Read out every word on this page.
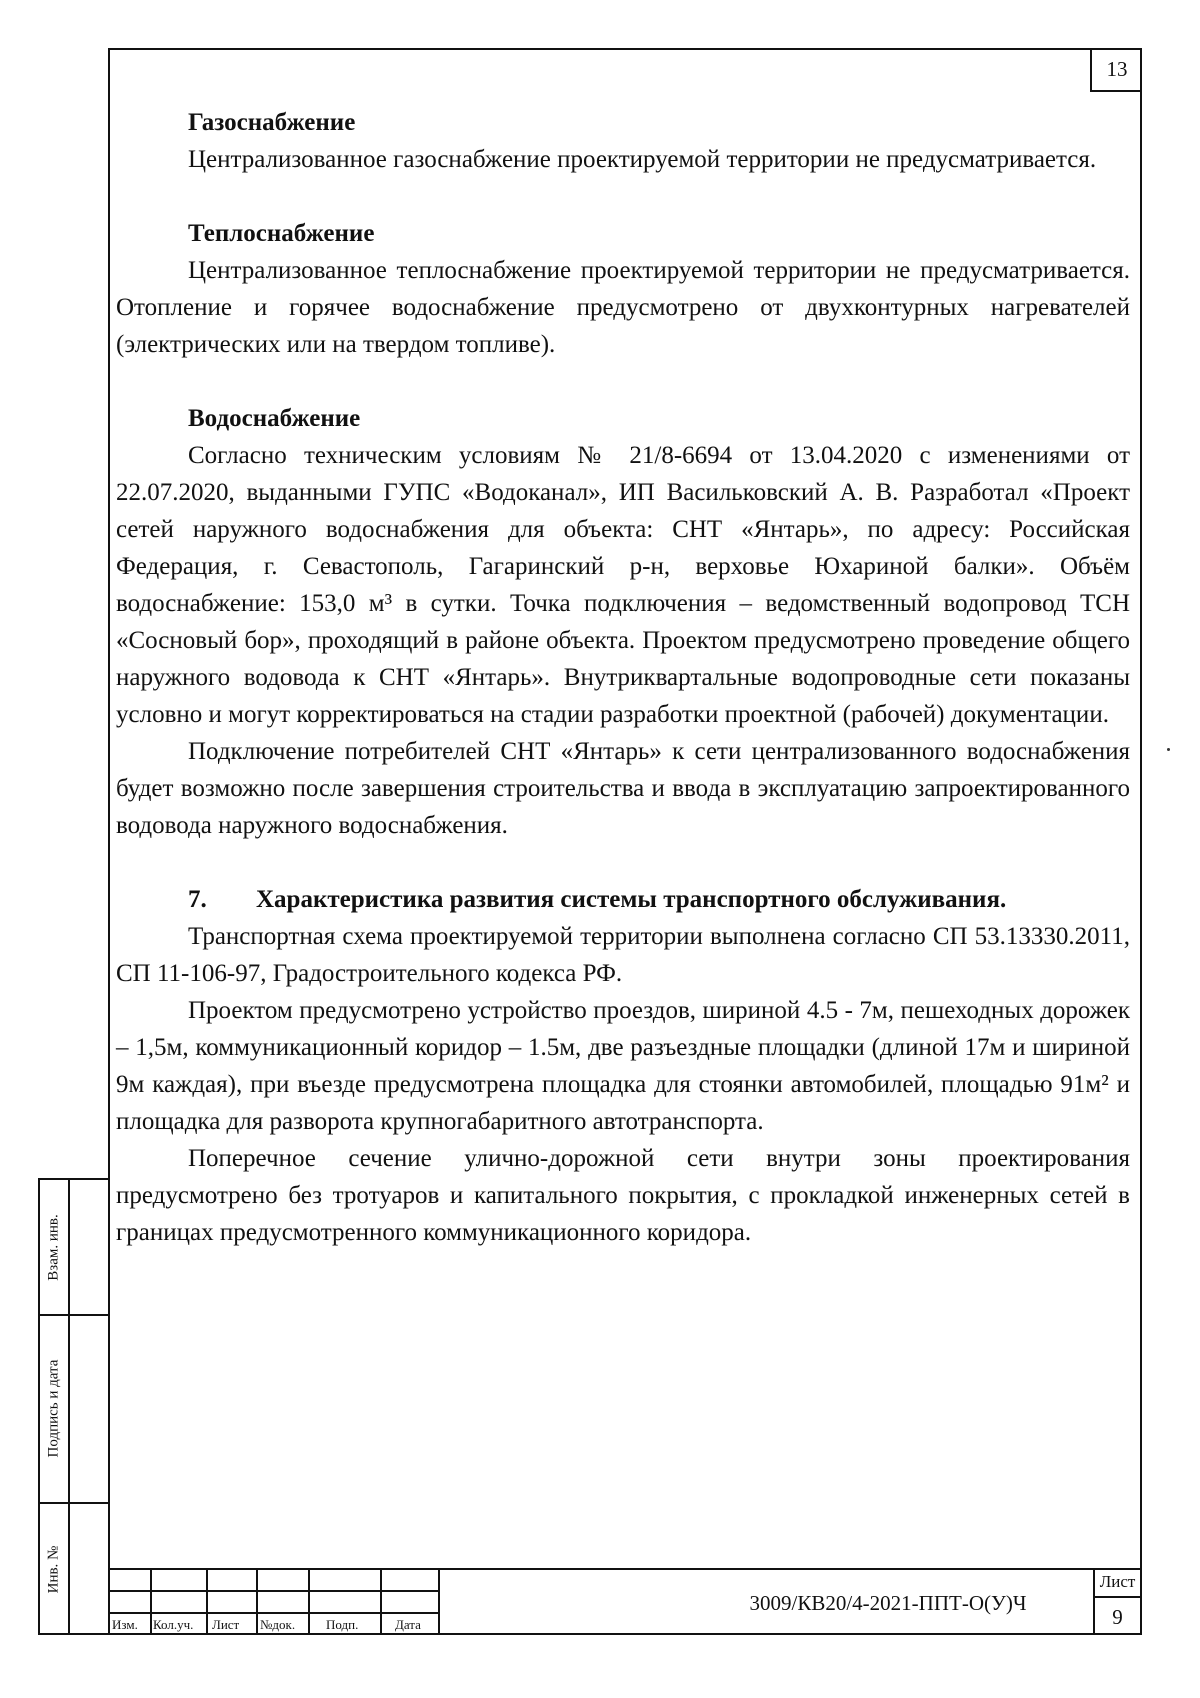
13
Газоснабжение

Централизованное газоснабжение проектируемой территории не предусматривается.

Теплоснабжение

Централизованное теплоснабжение проектируемой территории не предусматривается. Отопление и горячее водоснабжение предусмотрено от двухконтурных нагревателей (электрических или на твердом топливе).

Водоснабжение

Согласно техническим условиям № 21/8-6694 от 13.04.2020 с изменениями от 22.07.2020, выданными ГУПС «Водоканал», ИП Васильковский А. В. Разработал «Проект сетей наружного водоснабжения для объекта: СНТ «Янтарь», по адресу: Российская Федерация, г. Севастополь, Гагаринский р-н, верховье Юхариной балки». Объём водоснабжение: 153,0 м³ в сутки. Точка подключения – ведомственный водопровод ТСН «Сосновый бор», проходящий в районе объекта. Проектом предусмотрено проведение общего наружного водовода к СНТ «Янтарь». Внутриквартальные водопроводные сети показаны условно и могут корректироваться на стадии разработки проектной (рабочей) документации.

Подключение потребителей СНТ «Янтарь» к сети централизованного водоснабжения будет возможно после завершения строительства и ввода в эксплуатацию запроектированного водовода наружного водоснабжения.

7.	Характеристика развития системы транспортного обслуживания.

Транспортная схема проектируемой территории выполнена согласно СП 53.13330.2011, СП 11-106-97, Градостроительного кодекса РФ.

Проектом предусмотрено устройство проездов, шириной 4.5 - 7м, пешеходных дорожек – 1,5м, коммуникационный коридор – 1.5м, две разъездные площадки (длиной 17м и шириной 9м каждая), при въезде предусмотрена площадка для стоянки автомобилей, площадью 91м² и площадка для разворота крупногабаритного автотранспорта.

Поперечное сечение улично-дорожной сети внутри зоны проектирования предусмотрено без тротуаров и капитального покрытия, с прокладкой инженерных сетей в границах предусмотренного коммуникационного коридора.

Взам. инв.
Подпись и дата
Инв. №
Изм. Кол.уч. Лист №док. Подп.	Дата
3009/КВ20/4-2021-ППТ-О(У)Ч
Лист
9
